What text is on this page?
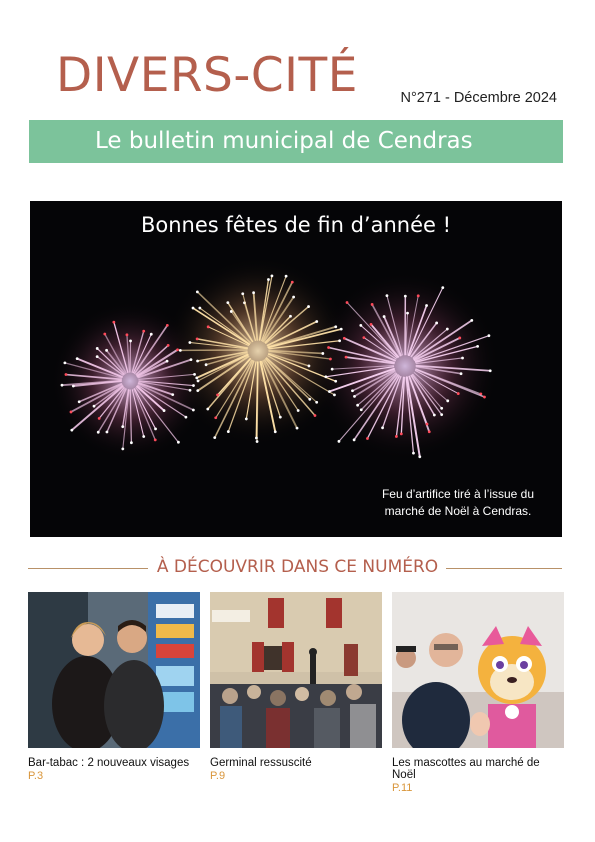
DIVERS-CITÉ	N°271 - Décembre 2024
Le bulletin municipal de Cendras
Bonnes fêtes de fin d’année !
Feu d’artifice tiré à l’issue du marché de Noël à Cendras.
À DÉCOUVRIR DANS CE NUMÉRO
Bar-tabac : 2 nouveaux visages
P.3
Germinal ressuscité
P.9
Les mascottes au marché de Noël
P.11
